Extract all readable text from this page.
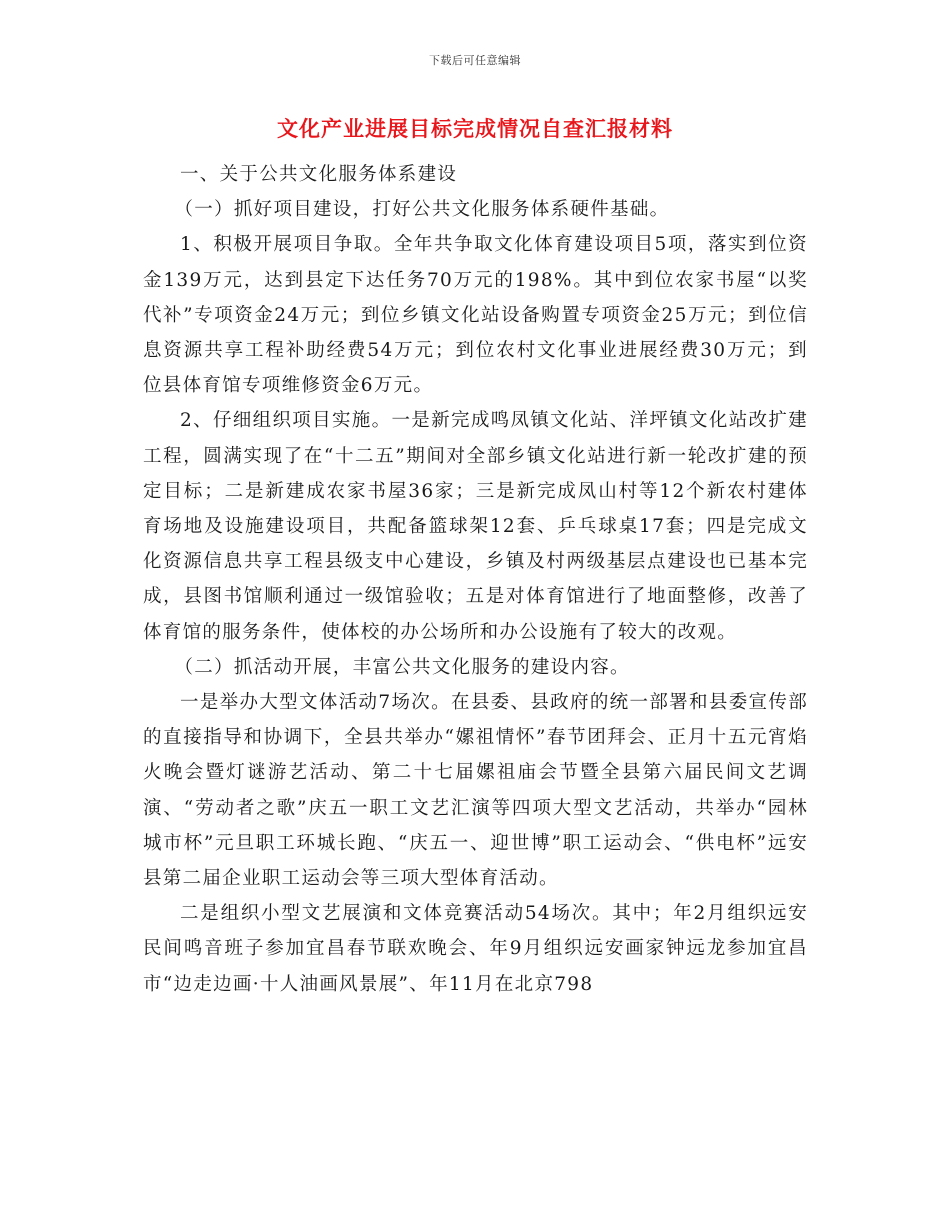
下载后可任意编辑
文化产业进展目标完成情况自查汇报材料

一、关于公共文化服务体系建设

（一）抓好项目建设，打好公共文化服务体系硬件基础。

1、积极开展项目争取。全年共争取文化体育建设项目5项，落实到位资金139万元，达到县定下达任务70万元的198%。其中到位农家书屋“以奖代补”专项资金24万元；到位乡镇文化站设备购置专项资金25万元；到位信息资源共享工程补助经费54万元；到位农村文化事业进展经费30万元；到位县体育馆专项维修资金6万元。

2、仔细组织项目实施。一是新完成鸣凤镇文化站、洋坪镇文化站改扩建工程，圆满实现了在“十二五”期间对全部乡镇文化站进行新一轮改扩建的预定目标；二是新建成农家书屋36家；三是新完成凤山村等12个新农村建体育场地及设施建设项目，共配备篮球架12套、乒乓球桌17套；四是完成文化资源信息共享工程县级支中心建设，乡镇及村两级基层点建设也已基本完成，县图书馆顺利通过一级馆验收；五是对体育馆进行了地面整修，改善了体育馆的服务条件，使体校的办公场所和办公设施有了较大的改观。

（二）抓活动开展，丰富公共文化服务的建设内容。

一是举办大型文体活动7场次。在县委、县政府的统一部署和县委宣传部的直接指导和协调下，全县共举办“嫘祖情怀”春节团拜会、正月十五元宵焰火晚会暨灯谜游艺活动、第二十七届嫘祖庙会节暨全县第六届民间文艺调演、“劳动者之歌”庆五一职工文艺汇演等四项大型文艺活动，共举办“园林城市杯”元旦职工环城长跑、“庆五一、迎世博”职工运动会、“供电杯”远安县第二届企业职工运动会等三项大型体育活动。

二是组织小型文艺展演和文体竞赛活动54场次。其中；年2月组织远安民间鸣音班子参加宜昌春节联欢晚会、年9月组织远安画家钟远龙参加宜昌市“边走边画·十人油画风景展”、年11月在北京798
